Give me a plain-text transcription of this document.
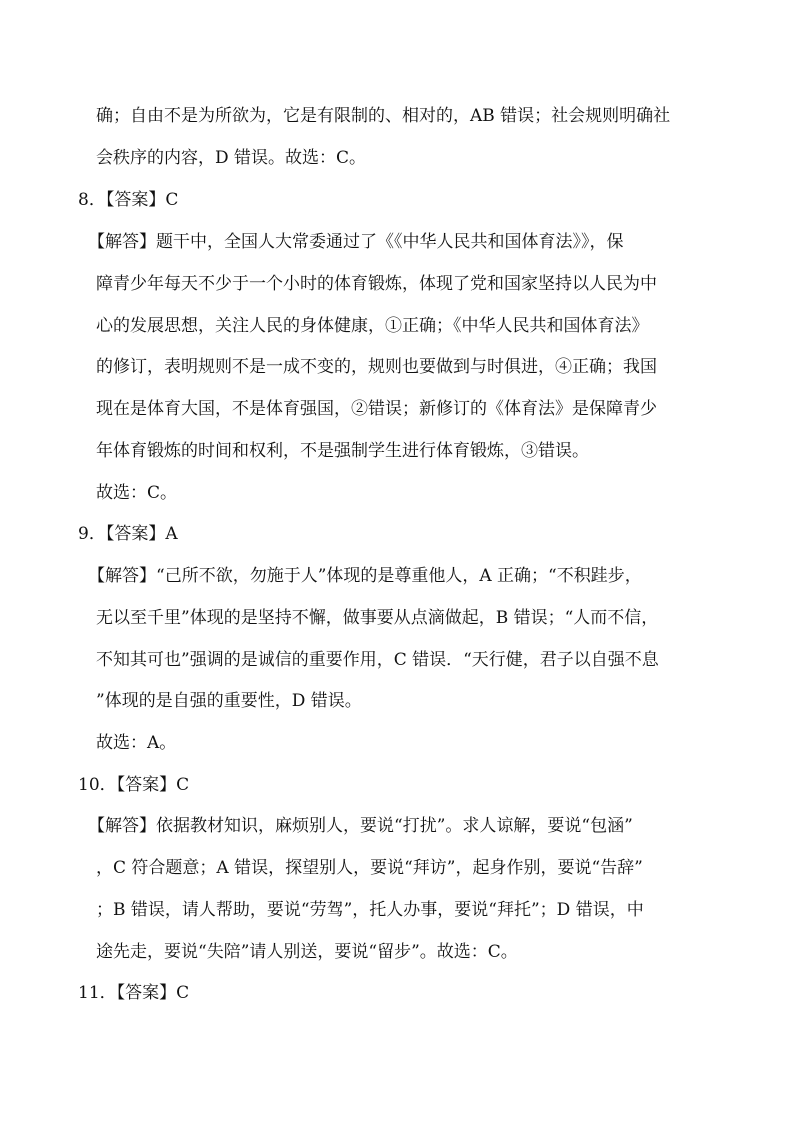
确；自由不是为所欲为，它是有限制的、相对的，AB 错误；社会规则明确社
会秩序的内容，D 错误。故选：C。
8．【答案】C
【解答】题干中，全国人大常委通过了《《中华人民共和国体育法》》，保
障青少年每天不少于一个小时的体育锻炼，体现了党和国家坚持以人民为中
心的发展思想，关注人民的身体健康，①正确；《中华人民共和国体育法》
的修订，表明规则不是一成不变的，规则也要做到与时俱进，④正确；我国
现在是体育大国，不是体育强国，②错误；新修订的《体育法》是保障青少
年体育锻炼的时间和权利，不是强制学生进行体育锻炼，③错误。
故选：C。
9．【答案】A
【解答】“己所不欲，勿施于人”体现的是尊重他人，A 正确；“不积跬步，
无以至千里”体现的是坚持不懈，做事要从点滴做起，B 错误；“人而不信，
不知其可也”强调的是诚信的重要作用，C 错误．“天行健，君子以自强不息
”体现的是自强的重要性，D 错误。
故选：A。
10．【答案】C
【解答】依据教材知识，麻烦别人，要说“打扰”。求人谅解，要说“包涵”
，C 符合题意；A 错误，探望别人，要说“拜访”，起身作别，要说“告辞”
；B 错误，请人帮助，要说“劳驾”，托人办事，要说“拜托”；D 错误，中
途先走，要说“失陪”请人别送，要说“留步”。故选：C。
11．【答案】C
